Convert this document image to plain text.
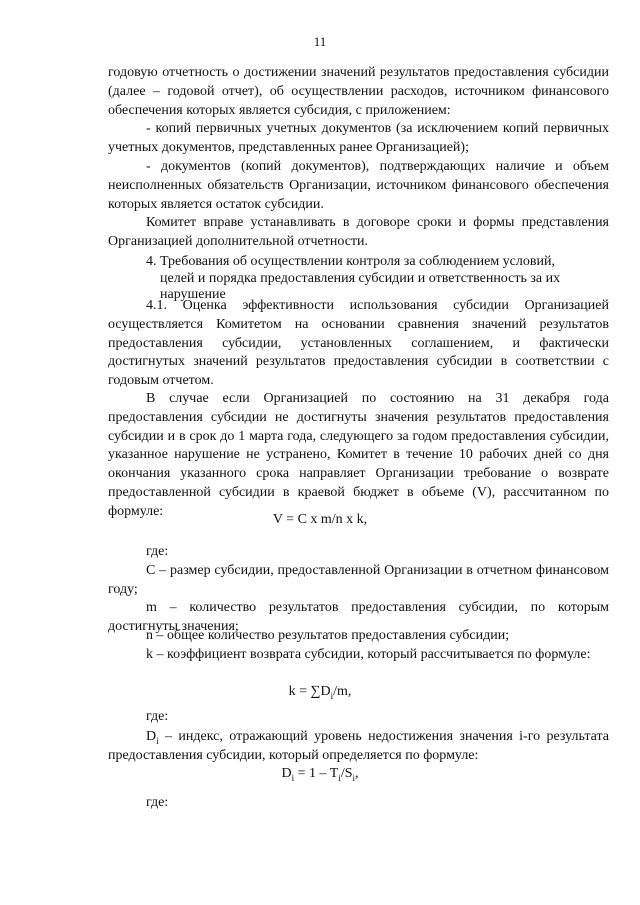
11

годовую отчетность о достижении значений результатов предоставления субсидии (далее – годовой отчет), об осуществлении расходов, источником финансового обеспечения которых является субсидия, с приложением:

- копий первичных учетных документов (за исключением копий первичных учетных документов, представленных ранее Организацией);

- документов (копий документов), подтверждающих наличие и объем неисполненных обязательств Организации, источником финансового обеспечения которых является остаток субсидии.

Комитет вправе устанавливать в договоре сроки и формы представления Организацией дополнительной отчетности.

4. Требования об осуществлении контроля за соблюдением условий,
целей и порядка предоставления субсидии и ответственность за их нарушение

4.1. Оценка эффективности использования субсидии Организацией осуществляется Комитетом на основании сравнения значений результатов предоставления субсидии, установленных соглашением, и фактически достигнутых значений результатов предоставления субсидии в соответствии с годовым отчетом.

В случае если Организацией по состоянию на 31 декабря года предоставления субсидии не достигнуты значения результатов предоставления субсидии и в срок до 1 марта года, следующего за годом предоставления субсидии, указанное нарушение не устранено, Комитет в течение 10 рабочих дней со дня окончания указанного срока направляет Организации требование о возврате предоставленной субсидии в краевой бюджет в объеме (V), рассчитанном по формуле:

V = C x m/n x k,

где:

C – размер субсидии, предоставленной Организации в отчетном финансовом году;

m – количество результатов предоставления субсидии, по которым достигнуты значения;

n – общее количество результатов предоставления субсидии;

k – коэффициент возврата субсидии, который рассчитывается по формуле:

$k = \sum D_i/m$,

где:

$D_i$ – индекс, отражающий уровень недостижения значения i-го результата предоставления субсидии, который определяется по формуле:

$D_i = 1 - T_i/S_i$,

где:
